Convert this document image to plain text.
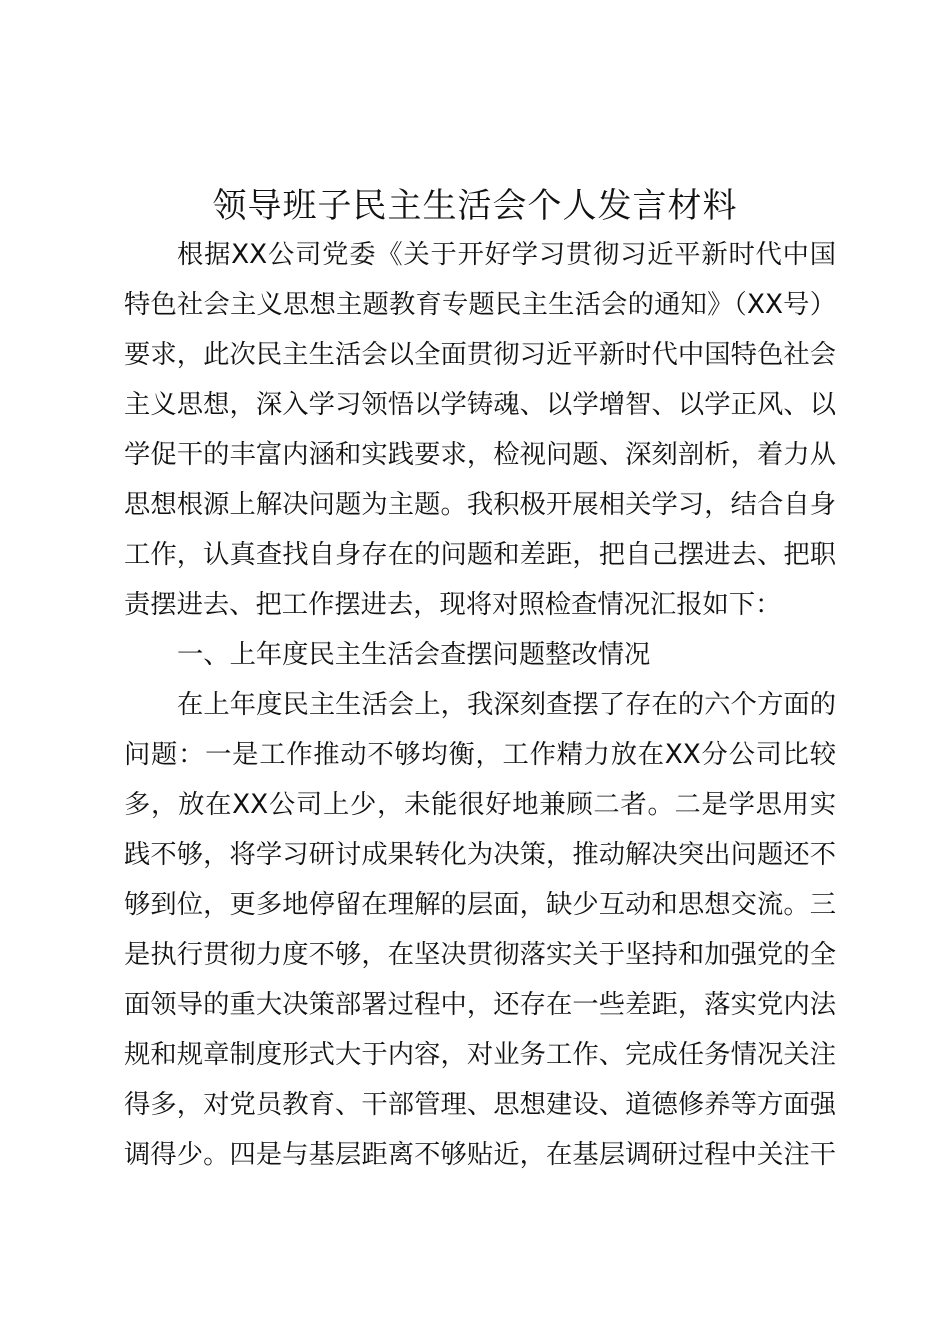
领导班子民主生活会个人发言材料
根据XX公司党委《关于开好学习贯彻习近平新时代中国
特色社会主义思想主题教育专题民主生活会的通知》（XX号）
要求，此次民主生活会以全面贯彻习近平新时代中国特色社会
主义思想，深入学习领悟以学铸魂、以学增智、以学正风、以
学促干的丰富内涵和实践要求，检视问题、深刻剖析，着力从
思想根源上解决问题为主题。我积极开展相关学习，结合自身
工作，认真查找自身存在的问题和差距，把自己摆进去、把职
责摆进去、把工作摆进去，现将对照检查情况汇报如下：
一、上年度民主生活会查摆问题整改情况
在上年度民主生活会上，我深刻查摆了存在的六个方面的
问题：一是工作推动不够均衡，工作精力放在XX分公司比较
多，放在XX公司上少，未能很好地兼顾二者。二是学思用实
践不够，将学习研讨成果转化为决策，推动解决突出问题还不
够到位，更多地停留在理解的层面，缺少互动和思想交流。三
是执行贯彻力度不够，在坚决贯彻落实关于坚持和加强党的全
面领导的重大决策部署过程中，还存在一些差距，落实党内法
规和规章制度形式大于内容，对业务工作、完成任务情况关注
得多，对党员教育、干部管理、思想建设、道德修养等方面强
调得少。四是与基层距离不够贴近，在基层调研过程中关注干
